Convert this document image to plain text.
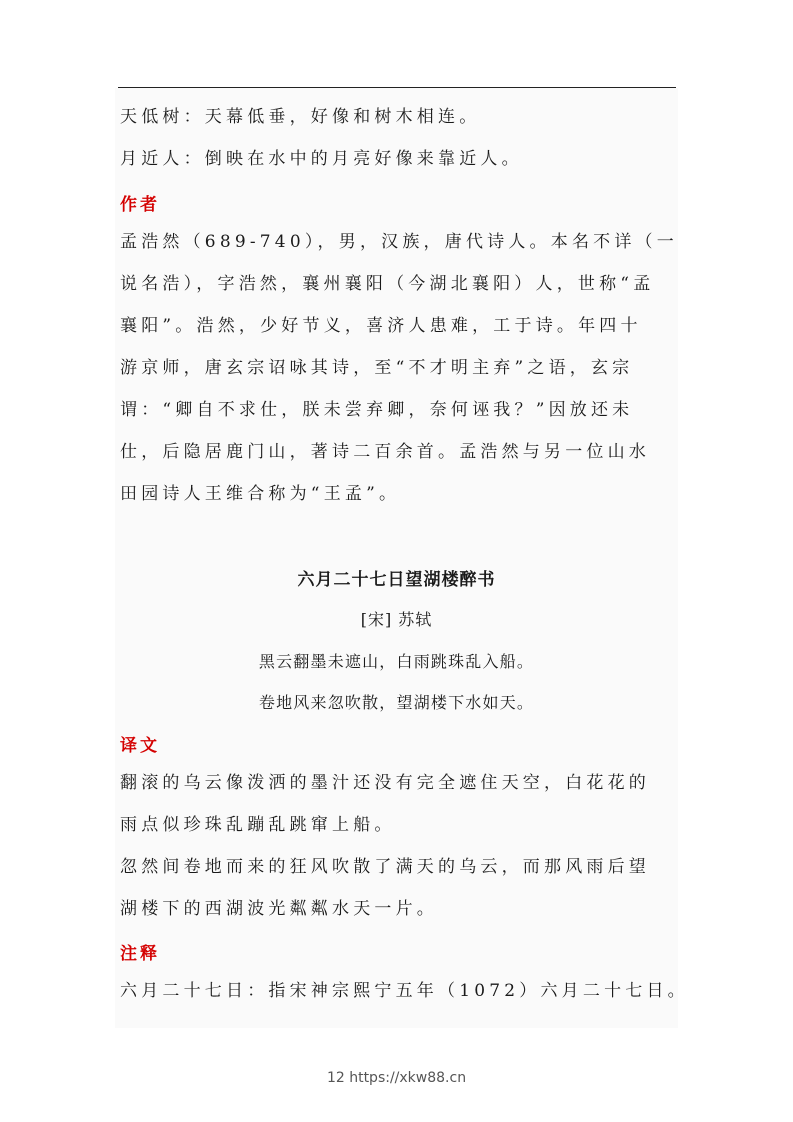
天低树：天幕低垂，好像和树木相连。
月近人：倒映在水中的月亮好像来靠近人。
作者
孟浩然（689-740），男，汉族，唐代诗人。本名不详（一
说名浩），字浩然，襄州襄阳（今湖北襄阳）人，世称“孟
襄阳”。浩然，少好节义，喜济人患难，工于诗。年四十
游京师，唐玄宗诏咏其诗，至“不才明主弃”之语，玄宗
谓：“卿自不求仕，朕未尝弃卿，奈何诬我？”因放还未
仕，后隐居鹿门山，著诗二百余首。孟浩然与另一位山水
田园诗人王维合称为“王孟”。
六月二十七日望湖楼醉书
[宋] 苏轼
黑云翻墨未遮山，白雨跳珠乱入船。
卷地风来忽吹散，望湖楼下水如天。
译文
翻滚的乌云像泼洒的墨汁还没有完全遮住天空，白花花的
雨点似珍珠乱蹦乱跳窜上船。
忽然间卷地而来的狂风吹散了满天的乌云，而那风雨后望
湖楼下的西湖波光粼粼水天一片。
注释
六月二十七日：指宋神宗熙宁五年（1072）六月二十七日。
12 https://xkw88.cn
